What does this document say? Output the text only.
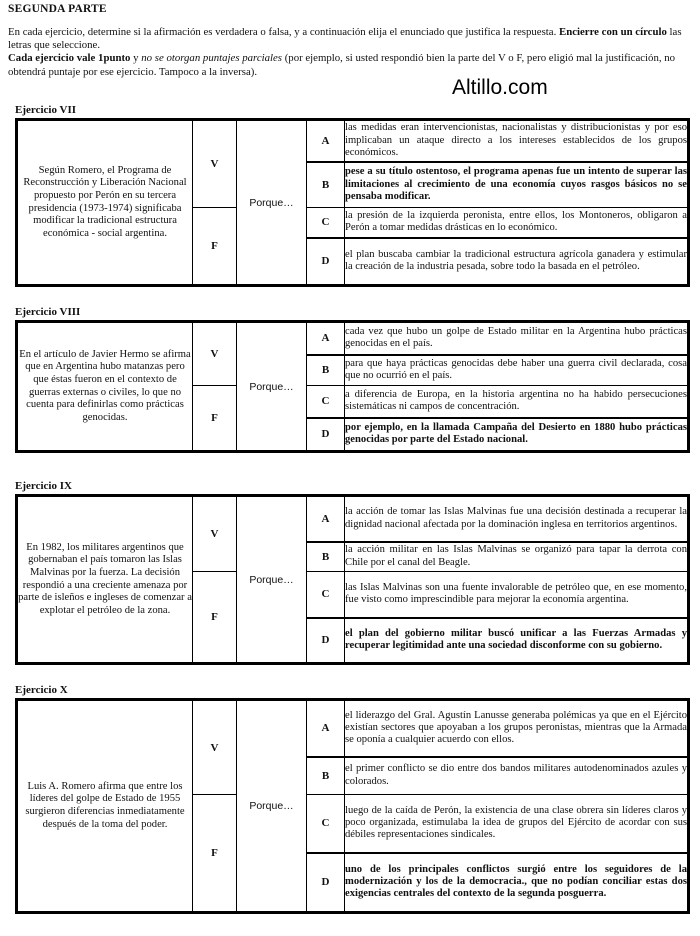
SEGUNDA PARTE
En cada ejercicio, determine si la afirmación es verdadera o falsa, y a continuación elija el enunciado que justifica la respuesta. Encierre con un círculo las letras que seleccione.
Cada ejercicio vale 1punto y no se otorgan puntajes parciales (por ejemplo, si usted respondió bien la parte del V o F, pero eligió mal la justificación, no obtendrá puntaje por ese ejercicio. Tampoco a la inversa).
Altillo.com
Ejercicio VII
Según Romero, el Programa de Reconstrucción y Liberación Nacional propuesto por Perón en su tercera presidencia (1973-1974) significaba modificar la tradicional estructura económica - social argentina.	V	Porque…	A	las medidas eran intervencionistas, nacionalistas y distribucionistas y por eso implicaban un ataque directo a los intereses establecidos de los grupos económicos.
			B	pese a su título ostentoso, el programa apenas fue un intento de superar las limitaciones al crecimiento de una economía cuyos rasgos básicos no se pensaba modificar.
	F		C	la presión de la izquierda peronista, entre ellos, los Montoneros, obligaron a Perón a tomar medidas drásticas en lo económico.
			D	el plan buscaba cambiar la tradicional estructura agrícola ganadera y estimular la creación de la industria pesada, sobre todo la basada en el petróleo.
Ejercicio VIII
En el artículo de Javier Hermo se afirma que en Argentina hubo matanzas pero que éstas fueron en el contexto de guerras externas o civiles, lo que no cuenta para definirlas como prácticas genocidas.	V	Porque…	A	cada vez que hubo un golpe de Estado militar en la Argentina hubo prácticas genocidas en el país.
			B	para que haya prácticas genocidas debe haber una guerra civil declarada, cosa que no ocurrió en el país.
	F		C	a diferencia de Europa, en la historia argentina no ha habido persecuciones sistemáticas ni campos de concentración.
			D	por ejemplo, en la llamada Campaña del Desierto en 1880 hubo prácticas genocidas por parte del Estado nacional.
Ejercicio IX
En 1982, los militares argentinos que gobernaban el país tomaron las Islas Malvinas por la fuerza. La decisión respondió a una creciente amenaza por parte de isleños e ingleses de comenzar a explotar el petróleo de la zona.	V	Porque…	A	la acción de tomar las Islas Malvinas fue una decisión destinada a recuperar la dignidad nacional afectada por la dominación inglesa en territorios argentinos.
			B	la acción militar en las Islas Malvinas se organizó para tapar la derrota con Chile por el canal del Beagle.
	F		C	las Islas Malvinas son una fuente invalorable de petróleo que, en ese momento, fue visto como imprescindible para mejorar la economía argentina.
			D	el plan del gobierno militar buscó unificar a las Fuerzas Armadas y recuperar legitimidad ante una sociedad disconforme con su gobierno.
Ejercicio X
Luis A. Romero afirma que entre los líderes del golpe de Estado de 1955 surgieron diferencias inmediatamente después de la toma del poder.	V	Porque…	A	el liderazgo del Gral. Agustín Lanusse generaba polémicas ya que en el Ejército existían sectores que apoyaban a los grupos peronistas, mientras que la Armada se oponía a cualquier acuerdo con ellos.
			B	el primer conflicto se dio entre dos bandos militares autodenominados azules y colorados.
	F		C	luego de la caída de Perón, la existencia de una clase obrera sin líderes claros y poco organizada, estimulaba la idea de grupos del Ejército de acordar con sus débiles representaciones sindicales.
			D	uno de los principales conflictos surgió entre los seguidores de la modernización y los de la democracia., que no podían conciliar estas dos exigencias centrales del contexto de la segunda posguerra.
